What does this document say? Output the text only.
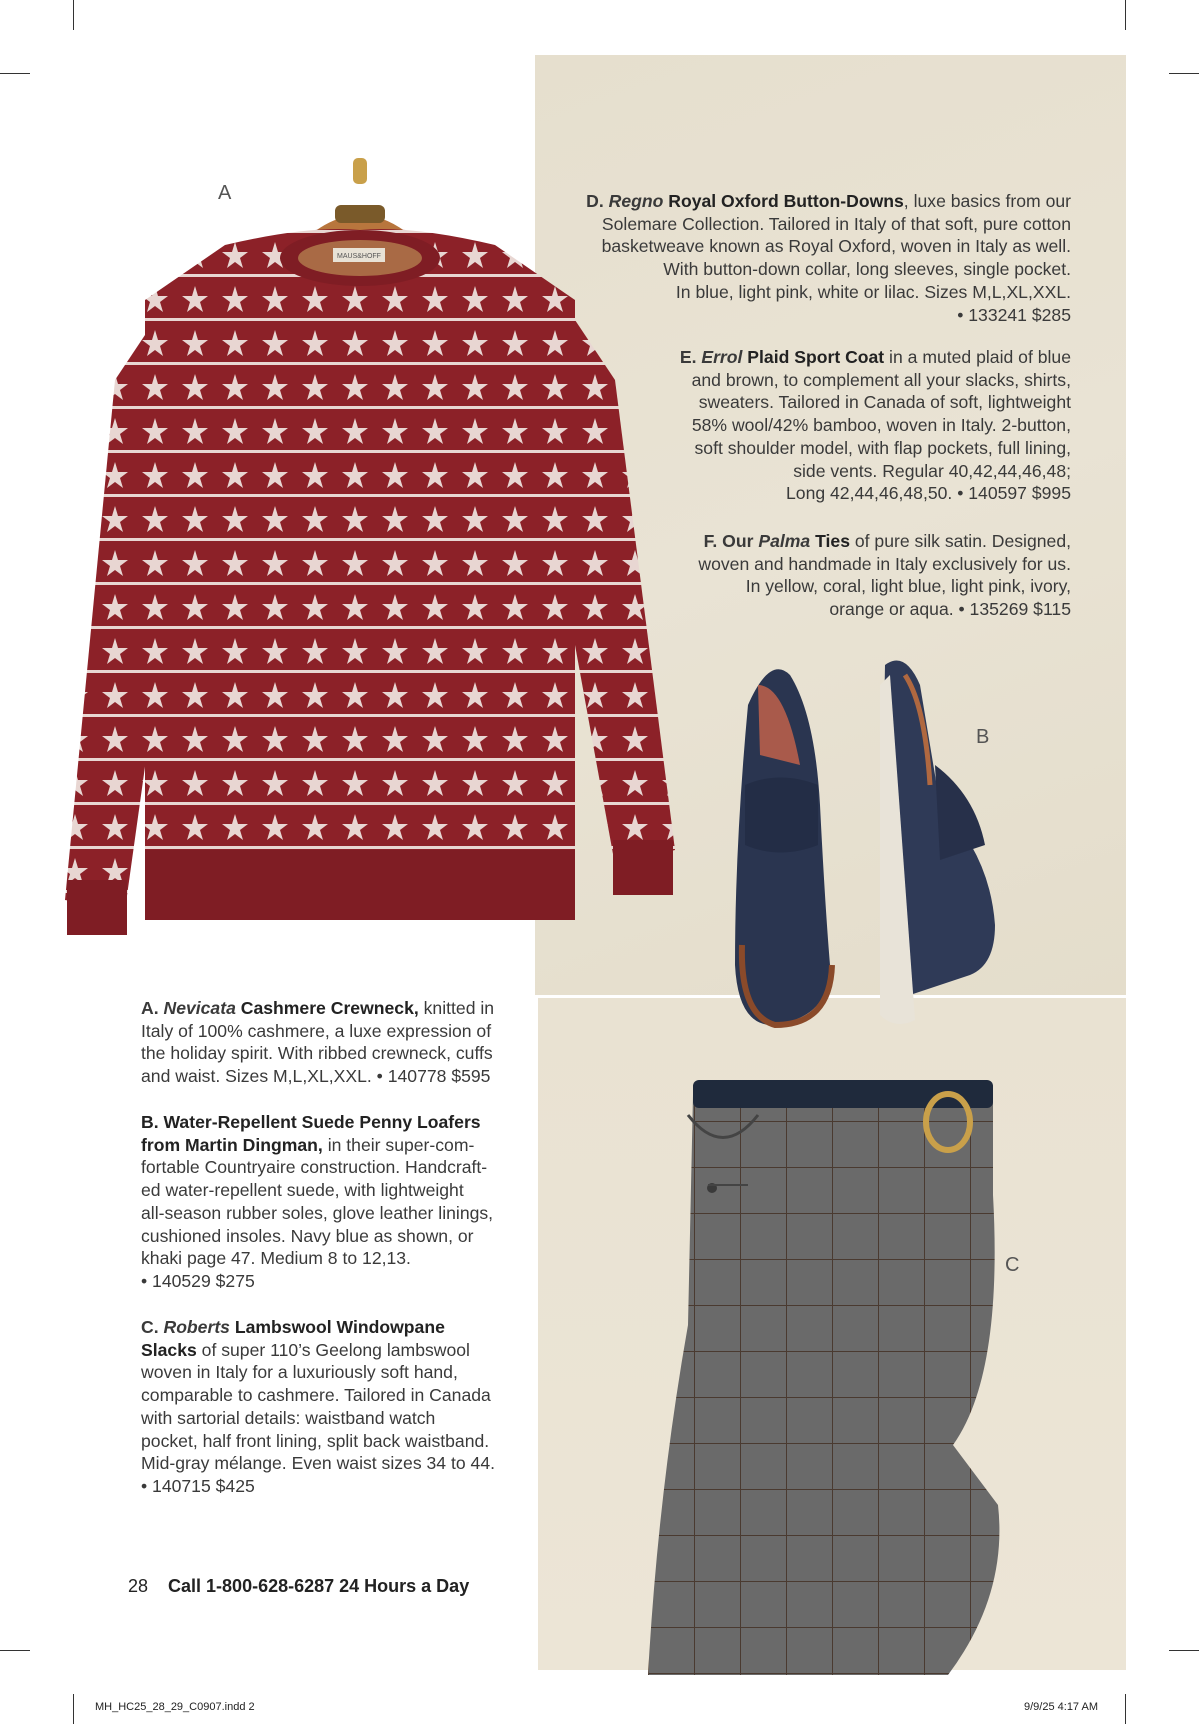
MAUS&HOFF
A
B
C
A. Nevicata Cashmere Crewneck, knitted in
Italy of 100% cashmere, a luxe expression of
the holiday spirit. With ribbed crewneck, cuffs
and waist. Sizes M,L,XL,XXL. • 140778 $595
B. Water-Repellent Suede Penny Loafers
from Martin Dingman, in their super-com-
fortable Countryaire construction. Handcraft-
ed water-repellent suede, with lightweight
all-season rubber soles, glove leather linings,
cushioned insoles. Navy blue as shown, or
khaki page 47. Medium 8 to 12,13.
• 140529 $275
C. Roberts Lambswool Windowpane
Slacks of super 110’s Geelong lambswool
woven in Italy for a luxuriously soft hand,
comparable to cashmere. Tailored in Canada
with sartorial details: waistband watch
pocket, half front lining, split back waistband.
Mid-gray mélange. Even waist sizes 34 to 44.
• 140715 $425
D. Regno Royal Oxford Button-Downs, luxe basics from our
Solemare Collection. Tailored in Italy of that soft, pure cotton
basketweave known as Royal Oxford, woven in Italy as well.
With button-down collar, long sleeves, single pocket.
In blue, light pink, white or lilac. Sizes M,L,XL,XXL.
• 133241 $285
E. Errol Plaid Sport Coat in a muted plaid of blue
and brown, to complement all your slacks, shirts,
sweaters. Tailored in Canada of soft, lightweight
58% wool/42% bamboo, woven in Italy. 2-button,
soft shoulder model, with flap pockets, full lining,
side vents. Regular 40,42,44,46,48;
Long 42,44,46,48,50. • 140597 $995
F. Our Palma Ties of pure silk satin. Designed,
woven and handmade in Italy exclusively for us.
In yellow, coral, light blue, light pink, ivory,
orange or aqua. • 135269 $115
28 Call 1-800-628-6287 24 Hours a Day
MH_HC25_28_29_C0907.indd 2	9/9/25 4:17 AM
